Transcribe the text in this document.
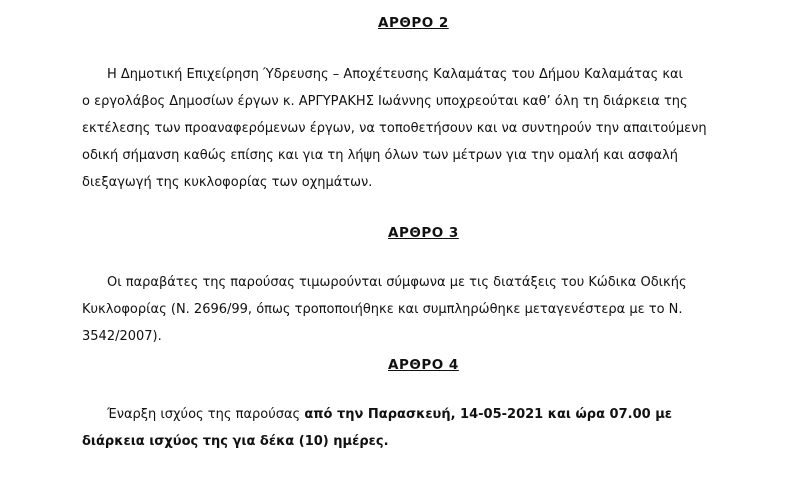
ΑΡΘΡΟ 2
Η Δημοτική Επιχείρηση Ύδρευσης – Αποχέτευσης Καλαμάτας του Δήμου Καλαμάτας και
ο εργολάβος Δημοσίων έργων κ. ΑΡΓΥΡΑΚΗΣ Ιωάννης υποχρεούται καθ’ όλη τη διάρκεια της
εκτέλεσης των προαναφερόμενων έργων, να τοποθετήσουν και να συντηρούν την απαιτούμενη
οδική σήμανση καθώς επίσης και για τη λήψη όλων των μέτρων για την ομαλή και ασφαλή
διεξαγωγή της κυκλοφορίας των οχημάτων.
ΑΡΘΡΟ 3
Οι παραβάτες της παρούσας τιμωρούνται σύμφωνα με τις διατάξεις του Κώδικα Οδικής
Κυκλοφορίας (Ν. 2696/99, όπως τροποποιήθηκε και συμπληρώθηκε μεταγενέστερα με το Ν.
3542/2007).
ΑΡΘΡΟ 4
Έναρξη ισχύος της παρούσας από την Παρασκευή, 14-05-2021 και ώρα 07.00 με
διάρκεια ισχύος της για δέκα (10) ημέρες.
